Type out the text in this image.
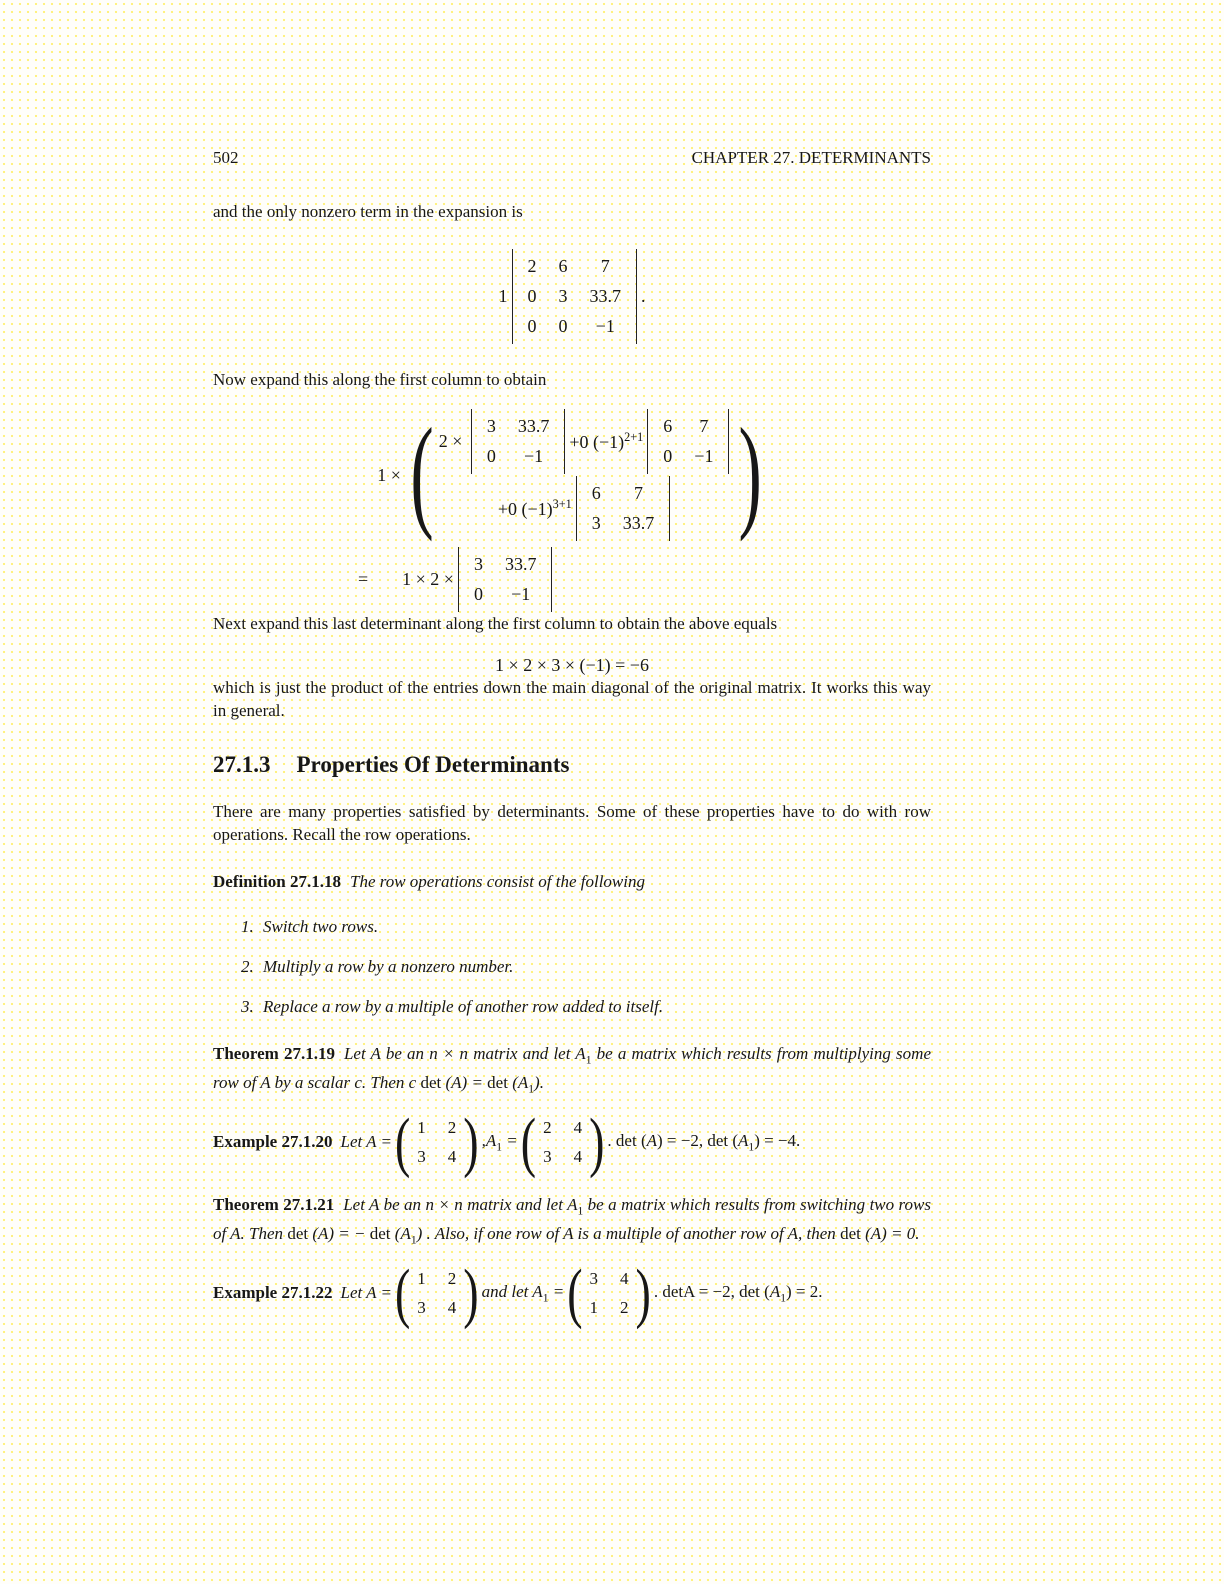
502	CHAPTER 27. DETERMINANTS

and the only nonzero term in the expansion is

1
2 6 7
0 3 33.7
0 0 −1
.

Now expand this along the first column to obtain

1 × ( 2 ×
3 33.7
0 −1
+0 $(-1)^{2+1}$
6 7
0 −1
+0 $(-1)^{3+1}$
6 7
3 33.7 )
= 1 × 2 ×
3 33.7
0 −1

Next expand this last determinant along the first column to obtain the above equals

1 × 2 × 3 × (−1) = −6

which is just the product of the entries down the main diagonal of the original matrix. It works this way in general.

27.1.3 Properties Of Determinants

There are many properties satisfied by determinants. Some of these properties have to do with row operations. Recall the row operations.

Definition 27.1.18 The row operations consist of the following

1. Switch two rows.
2. Multiply a row by a nonzero number.
3. Replace a row by a multiple of another row added to itself.

Theorem 27.1.19 Let A be an n × n matrix and let $A_1$ be a matrix which results from multiplying some row of A by a scalar c. Then c $\det (A) = \det (A_1)$.

Example 27.1.20 Let A = ( 1 2
3 4 ) $,A_1$ = ( 2 4
3 4 ) . det (A) = −2, $\det (A_1) = -4$.

Theorem 27.1.21 Let A be an n × n matrix and let $A_1$ be a matrix which results from switching two rows of A. Then det (A) = − $\det (A_1)$ . Also, if one row of A is a multiple of another row of A, then det (A) = 0.

Example 27.1.22 Let A = ( 1 2
3 4 ) and let $A_1$ = ( 3 4
1 2 ) . detA = −2, $\det (A_1) = 2$.
